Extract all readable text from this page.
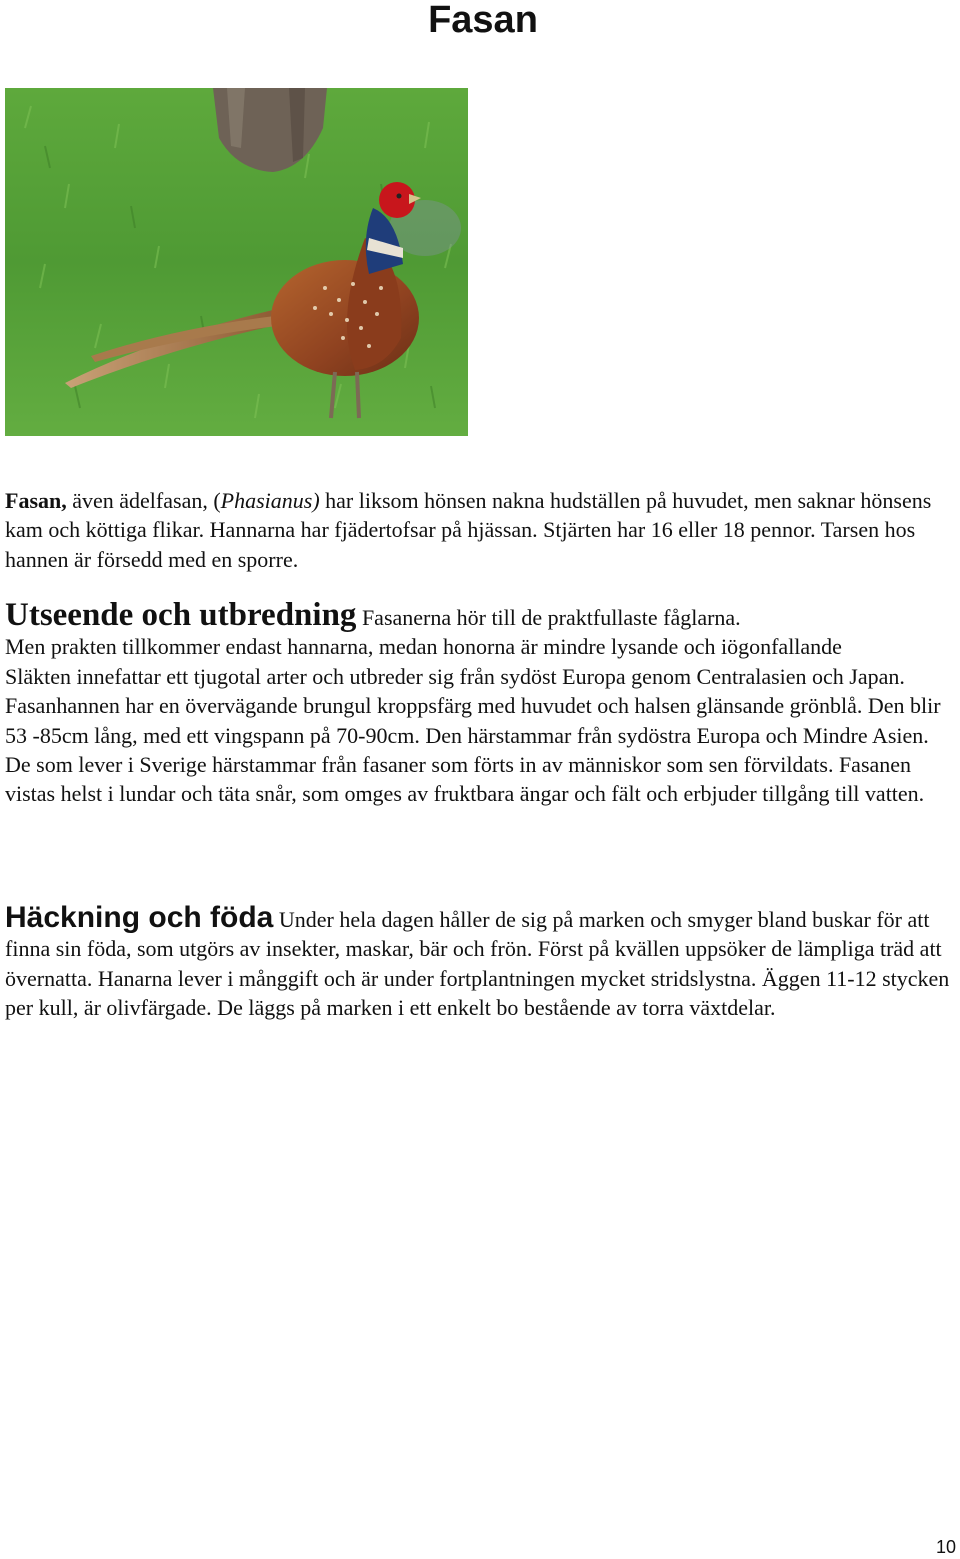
Fasan

Fasan, även ädelfasan, (Phasianus) har liksom hönsen nakna hudställen på huvudet, men saknar hönsens kam och köttiga flikar. Hannarna har fjädertofsar på hjässan. Stjärten har 16 eller 18 pennor. Tarsen hos hannen är försedd med en sporre.

Utseende och utbredning Fasanerna hör till de praktfullaste fåglarna.
Men prakten tillkommer endast hannarna, medan honorna är mindre lysande och iögonfallande
Släkten innefattar ett tjugotal arter och utbreder sig från sydöst Europa genom Centralasien och Japan. Fasanhannen har en övervägande brungul kroppsfärg med huvudet och halsen glänsande grönblå. Den blir 53 -85cm lång, med ett vingspann på 70-90cm. Den härstammar från sydöstra Europa och Mindre Asien. De som lever i Sverige härstammar från fasaner som förts in av människor som sen förvildats. Fasanen vistas helst i lundar och täta snår, som omges av fruktbara ängar och fält och erbjuder tillgång till vatten.

Häckning och föda Under hela dagen håller de sig på marken och smyger bland buskar för att finna sin föda, som utgörs av insekter, maskar, bär och frön. Först på kvällen uppsöker de lämpliga träd att övernatta. Hanarna lever i månggift och är under fortplantningen mycket stridslystna. Äggen 11-12 stycken per kull, är olivfärgade. De läggs på marken i ett enkelt bo bestående av torra växtdelar.

10
